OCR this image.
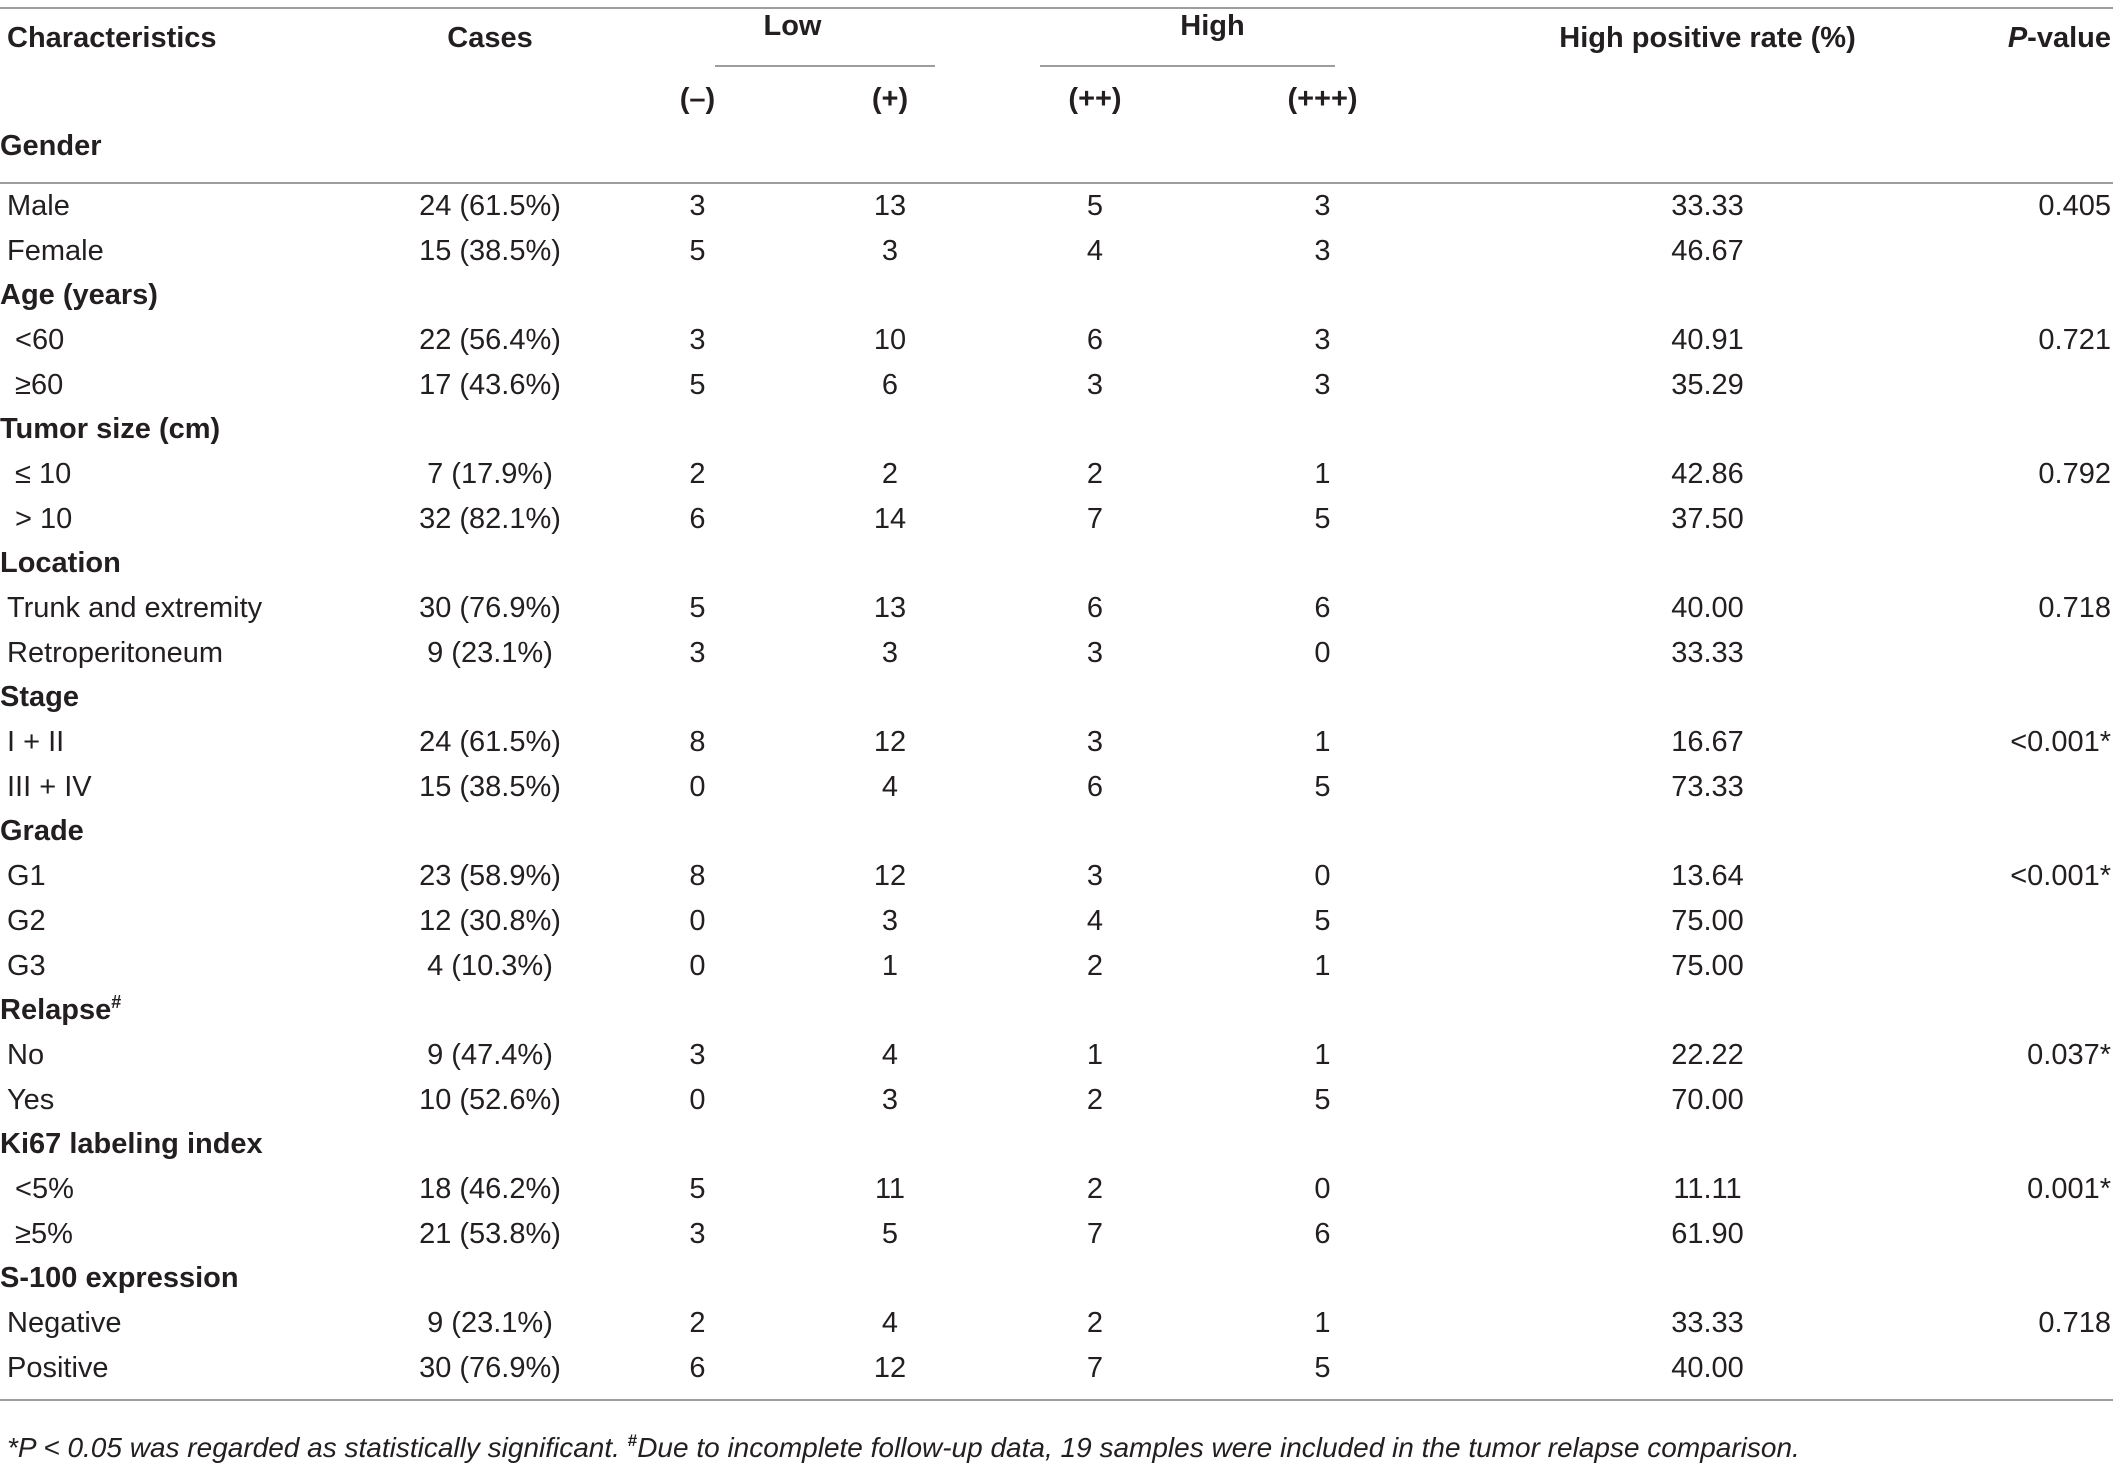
Characteristics	Cases	Low		High		High positive rate (%)	P-value
		(–)	(+)	(++)	(+++)		
Gender							

Male	24 (61.5%)	3	13	5	3	33.33	0.405
Female	15 (38.5%)	5	3	4	3	46.67	
Age (years)							
<60	22 (56.4%)	3	10	6	3	40.91	0.721
≥60	17 (43.6%)	5	6	3	3	35.29	
Tumor size (cm)							
≤ 10	7 (17.9%)	2	2	2	1	42.86	0.792
> 10	32 (82.1%)	6	14	7	5	37.50	
Location							
Trunk and extremity	30 (76.9%)	5	13	6	6	40.00	0.718
Retroperitoneum	9 (23.1%)	3	3	3	0	33.33	
Stage							
I + II	24 (61.5%)	8	12	3	1	16.67	<0.001*
III + IV	15 (38.5%)	0	4	6	5	73.33	
Grade							
G1	23 (58.9%)	8	12	3	0	13.64	<0.001*
G2	12 (30.8%)	0	3	4	5	75.00	
G3	4 (10.3%)	0	1	2	1	75.00	
Relapse#
No	9 (47.4%)	3	4	1	1	22.22	0.037*
Yes	10 (52.6%)	0	3	2	5	70.00	
Ki67 labeling index							
<5%	18 (46.2%)	5	11	2	0	11.11	0.001*
≥5%	21 (53.8%)	3	5	7	6	61.90	
S-100 expression							
Negative	9 (23.1%)	2	4	2	1	33.33	0.718
Positive	30 (76.9%)	6	12	7	5	40.00	

*P < 0.05 was regarded as statistically significant. #Due to incomplete follow-up data, 19 samples were included in the tumor relapse comparison.
